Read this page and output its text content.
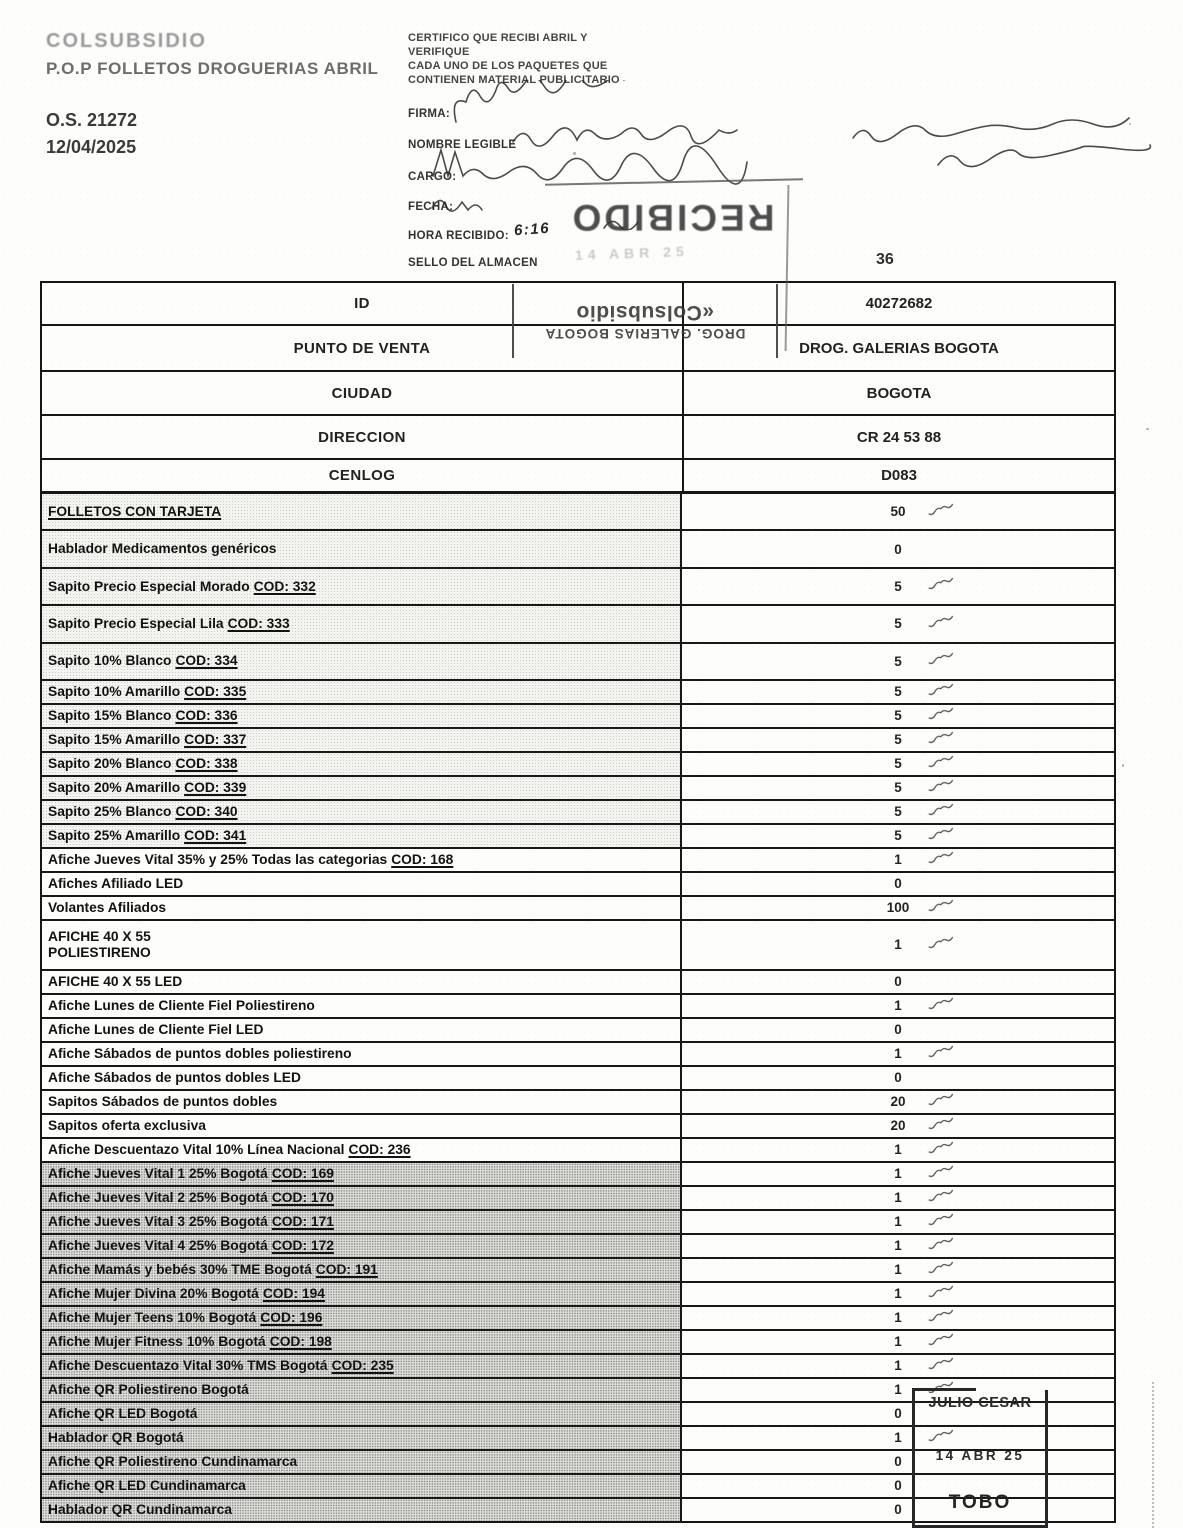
COLSUBSIDIO
P.O.P FOLLETOS DROGUERIAS ABRIL
O.S. 21272
12/04/2025
CERTIFICO QUE RECIBI ABRIL Y
VERIFIQUE
CADA UNO DE LOS PAQUETES QUE
CONTIENEN MATERIAL PUBLICITARIO
FIRMA:
NOMBRE LEGIBLE
CARGO:
FECHA:
HORA RECIBIDO:
SELLO DEL ALMACEN
6:16
14 ABR 25
RECIBIDO
36
ID	40272682
PUNTO DE VENTA	DROG. GALERIAS BOGOTA
CIUDAD	BOGOTA
DIRECCION	CR 24 53 88
CENLOG	D083
FOLLETOS CON TARJETA	50
Hablador Medicamentos genéricos	0
Sapito Precio Especial Morado COD: 332	5
Sapito Precio Especial Lila COD: 333	5
Sapito 10% Blanco COD: 334	5
Sapito 10% Amarillo COD: 335	5
Sapito 15% Blanco COD: 336	5
Sapito 15% Amarillo COD: 337	5
Sapito 20% Blanco COD: 338	5
Sapito 20% Amarillo COD: 339	5
Sapito 25% Blanco COD: 340	5
Sapito 25% Amarillo COD: 341	5
Afiche Jueves Vital 35% y 25% Todas las categorias COD: 168	1
Afiches Afiliado LED	0
Volantes Afiliados	100
AFICHE 40 X 55
POLIESTIRENO	1
AFICHE 40 X 55 LED	0
Afiche Lunes de Cliente Fiel Poliestireno	1
Afiche Lunes de Cliente Fiel LED	0
Afiche Sábados de puntos dobles poliestireno	1
Afiche Sábados de puntos dobles LED	0
Sapitos Sábados de puntos dobles	20
Sapitos oferta exclusiva	20
Afiche Descuentazo Vital 10% Línea Nacional COD: 236	1
Afiche Jueves Vital 1 25% Bogotá COD: 169	1
Afiche Jueves Vital 2 25% Bogotá COD: 170	1
Afiche Jueves Vital 3 25% Bogotá COD: 171	1
Afiche Jueves Vital 4 25% Bogotá COD: 172	1
Afiche Mamás y bebés 30% TME Bogotá COD: 191	1
Afiche Mujer Divina 20% Bogotá COD: 194	1
Afiche Mujer Teens 10% Bogotá COD: 196	1
Afiche Mujer Fitness 10% Bogotá COD: 198	1
Afiche Descuentazo Vital 30% TMS Bogotá COD: 235	1
Afiche QR Poliestireno Bogotá	1
Afiche QR LED Bogotá	0
Hablador QR Bogotá	1
Afiche QR Poliestireno Cundinamarca	0
Afiche QR LED Cundinamarca	0
Hablador QR Cundinamarca	0
DROG. GALERIAS BOGOTA
«Colsubsidio
JULIO CESAR
14 ABR 25
TOBO
